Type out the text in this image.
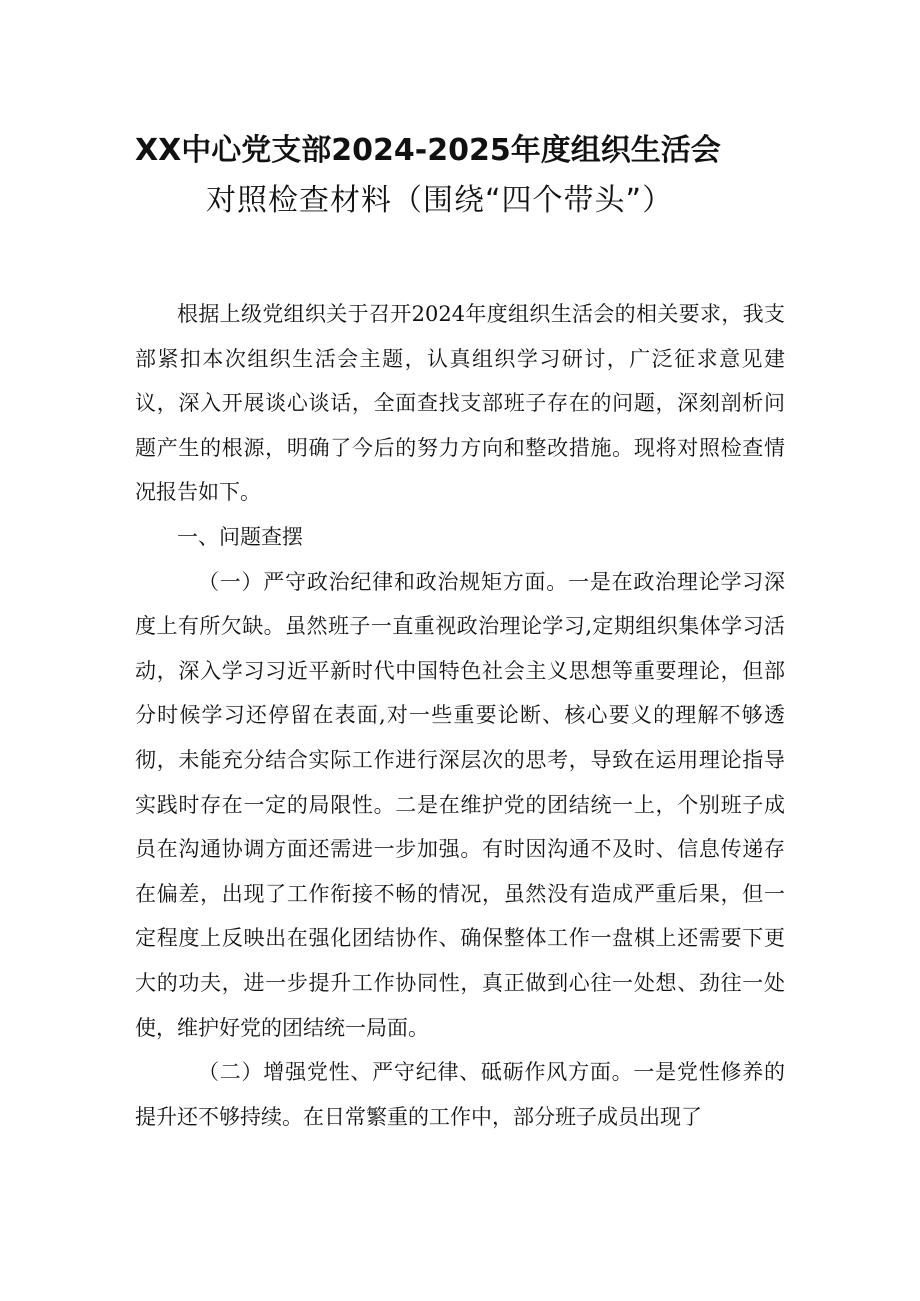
XX中心党支部2024-2025年度组织生活会
对照检查材料（围绕“四个带头”）

根据上级党组织关于召开2024年度组织生活会的相关要求，我支部紧扣本次组织生活会主题，认真组织学习研讨，广泛征求意见建议，深入开展谈心谈话，全面查找支部班子存在的问题，深刻剖析问题产生的根源，明确了今后的努力方向和整改措施。现将对照检查情况报告如下。

一、问题查摆

（一）严守政治纪律和政治规矩方面。一是在政治理论学习深度上有所欠缺。虽然班子一直重视政治理论学习,定期组织集体学习活动，深入学习习近平新时代中国特色社会主义思想等重要理论，但部分时候学习还停留在表面,对一些重要论断、核心要义的理解不够透彻，未能充分结合实际工作进行深层次的思考，导致在运用理论指导实践时存在一定的局限性。二是在维护党的团结统一上，个别班子成员在沟通协调方面还需进一步加强。有时因沟通不及时、信息传递存在偏差，出现了工作衔接不畅的情况，虽然没有造成严重后果，但一定程度上反映出在强化团结协作、确保整体工作一盘棋上还需要下更大的功夫，进一步提升工作协同性，真正做到心往一处想、劲往一处使，维护好党的团结统一局面。

（二）增强党性、严守纪律、砥砺作风方面。一是党性修养的提升还不够持续。在日常繁重的工作中，部分班子成员出现了
